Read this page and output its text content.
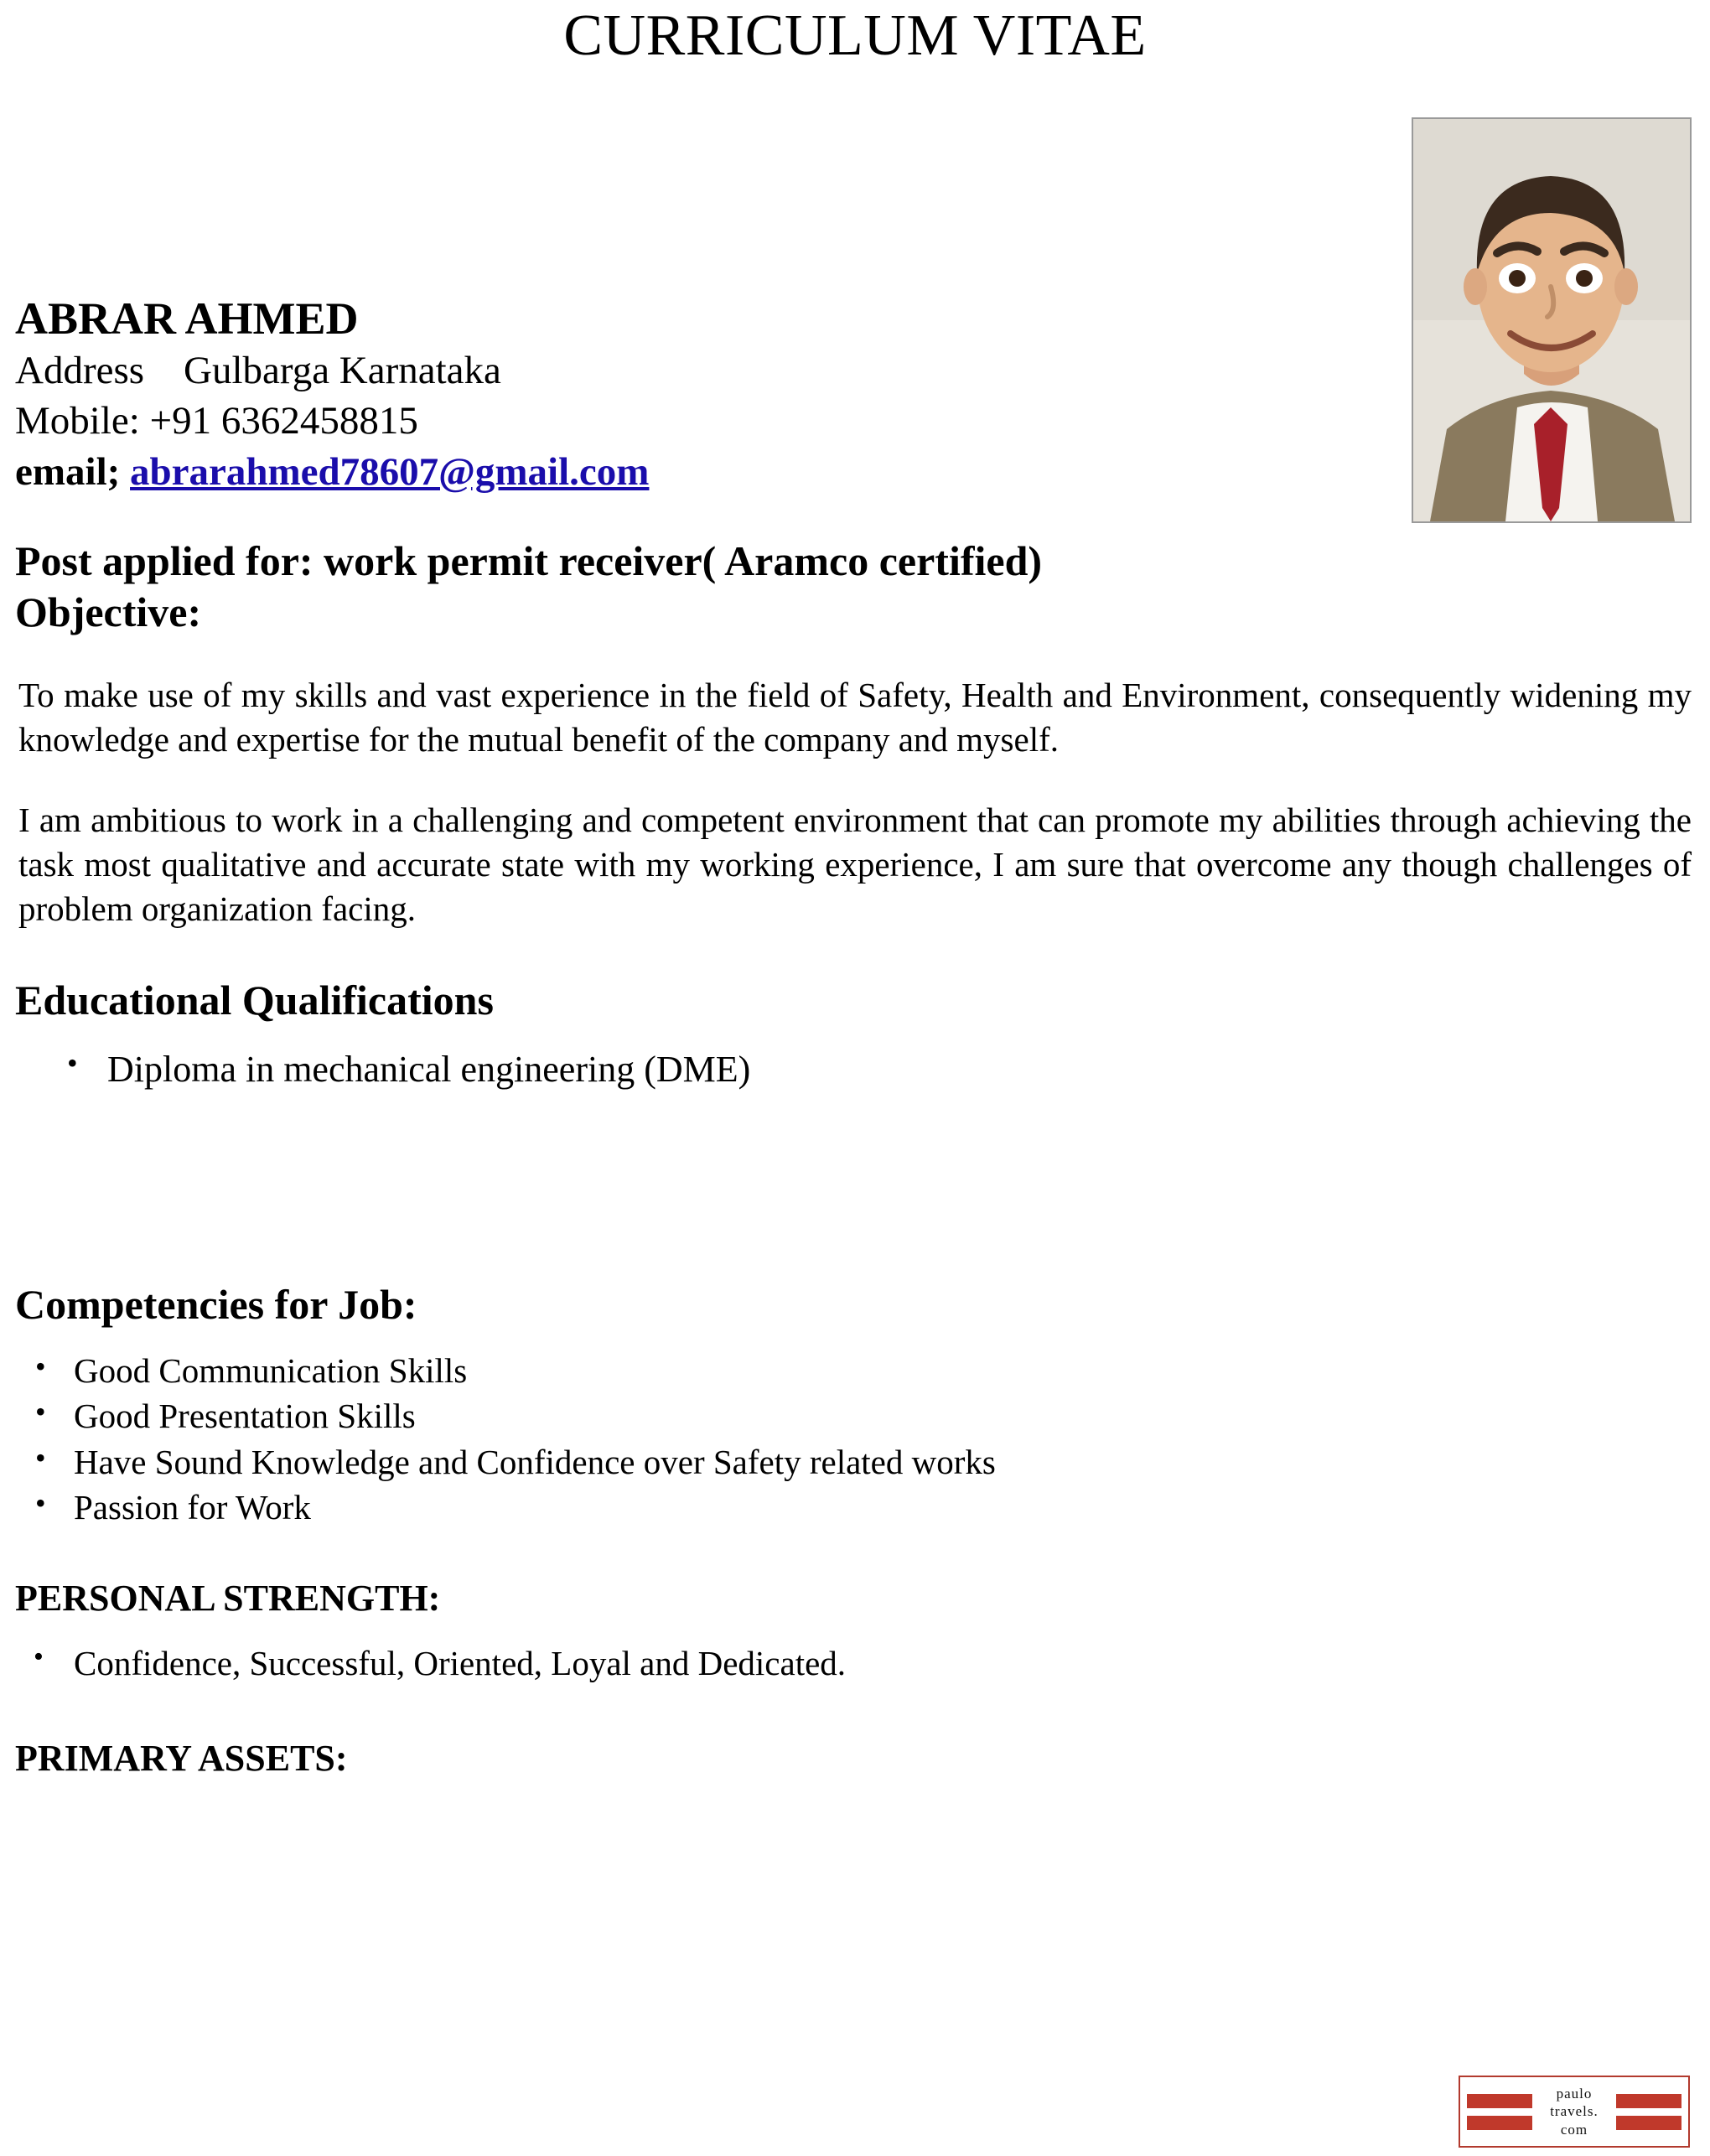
CURRICULUM VITAE
ABRAR AHMED
Address    Gulbarga Karnataka
Mobile: +91 6362458815
email; abrarahmed78607@gmail.com
Post applied for: work permit receiver( Aramco certified)
Objective:

To make use of my skills and vast experience in the field of Safety, Health and Environment, consequently widening my knowledge and expertise for the mutual benefit of the company and myself.

I am ambitious to work in a challenging and competent environment that can promote my abilities through achieving the task most qualitative and accurate state with my working experience, I am sure that overcome any though challenges of problem organization facing.

Educational Qualifications
• Diploma in mechanical engineering (DME)
Competencies for Job:
• Good Communication Skills
• Good Presentation Skills
• Have Sound Knowledge and Confidence over Safety related works
• Passion for Work
PERSONAL STRENGTH:
• Confidence, Successful, Oriented, Loyal and Dedicated.
PRIMARY ASSETS:
paulo
travels.
com
